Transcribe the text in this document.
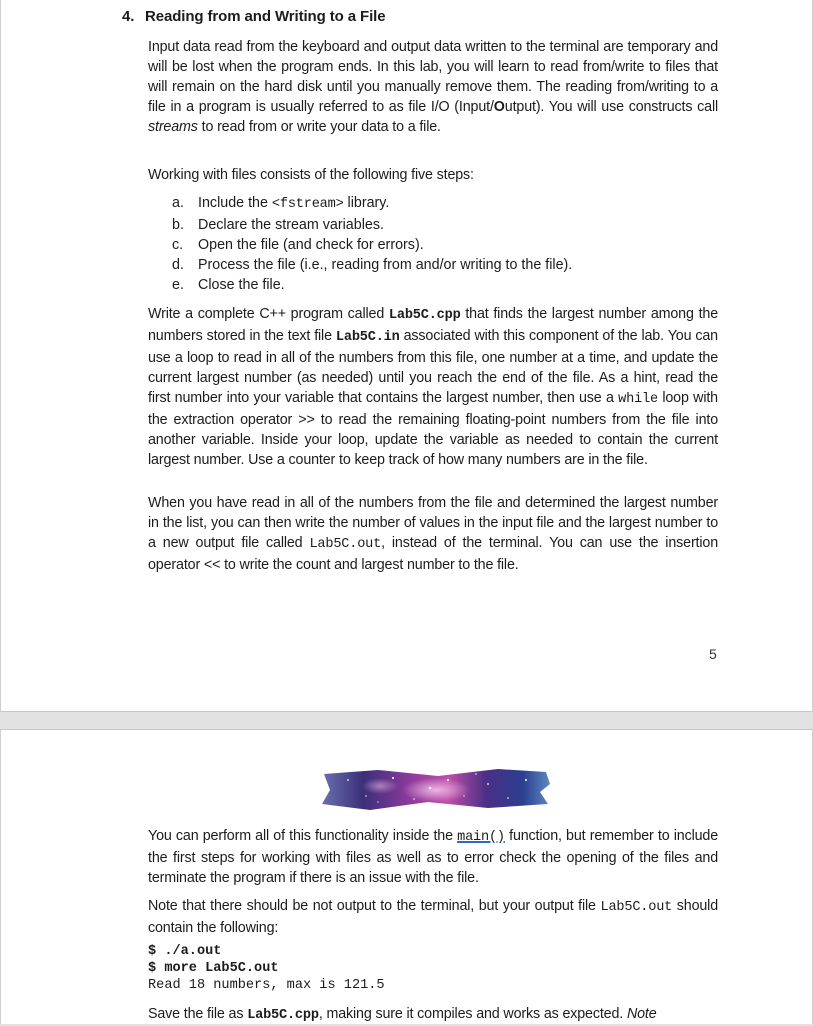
4. Reading from and Writing to a File

Input data read from the keyboard and output data written to the terminal are temporary and will be lost when the program ends. In this lab, you will learn to read from/write to files that will remain on the hard disk until you manually remove them. The reading from/writing to a file in a program is usually referred to as file I/O (Input/Output). You will use constructs call streams to read from or write your data to a file.

Working with files consists of the following five steps:

a. Include the <fstream> library.
b. Declare the stream variables.
c.	Open the file (and check for errors).
d. Process the file (i.e., reading from and/or writing to the file).
e. Close the file.

Write a complete C++ program called Lab5C.cpp that finds the largest number among the numbers stored in the text file Lab5C.in associated with this component of the lab. You can use a loop to read in all of the numbers from this file, one number at a time, and update the current largest number (as needed) until you reach the end of the file. As a hint, read the first number into your variable that contains the largest number, then use a while loop with the extraction operator >> to read the remaining floating-point numbers from the file into another variable. Inside your loop, update the variable as needed to contain the current largest number. Use a counter to keep track of how many numbers are in the file.

When you have read in all of the numbers from the file and determined the largest number in the list, you can then write the number of values in the input file and the largest number to a new output file called Lab5C.out, instead of the terminal. You can use the insertion operator << to write the count and largest number to the file.

5

You can perform all of this functionality inside the main() function, but remember to include the first steps for working with files as well as to error check the opening of the files and terminate the program if there is an issue with the file.

Note that there should be not output to the terminal, but your output file Lab5C.out should contain the following:

$ ./a.out
$ more Lab5C.out
Read 18 numbers, max is 121.5

Save the file as Lab5C.cpp, making sure it compiles and works as expected. Note
